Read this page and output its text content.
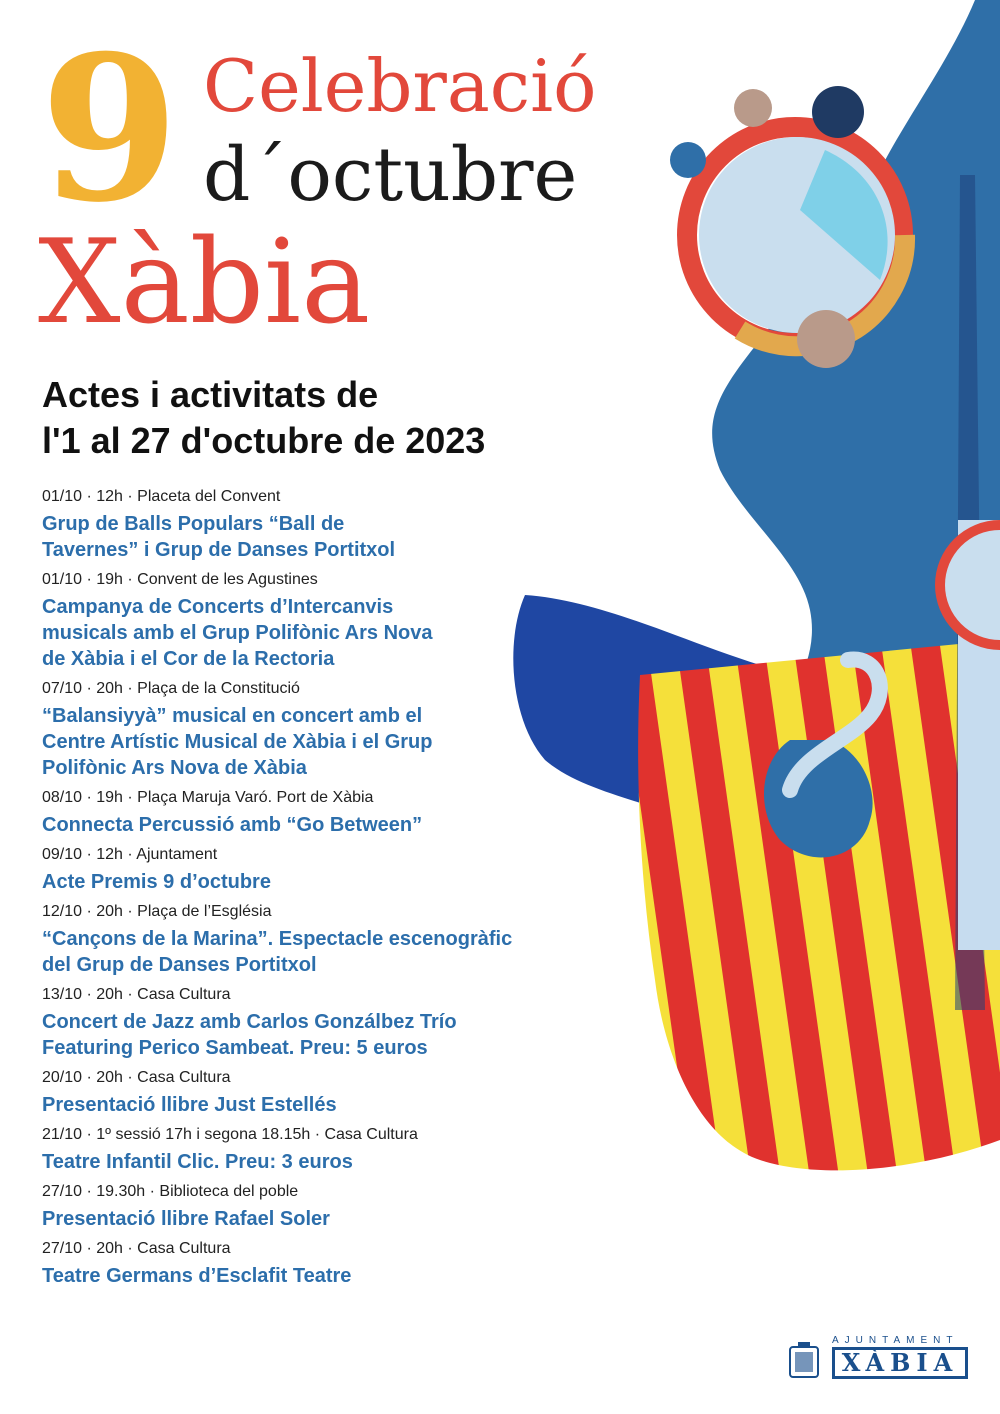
9 Celebració
d´octubre
Xàbia
Actes i activitats de
l'1 al 27 d'octubre de 2023
01/10 · 12h · Placeta del Convent
Grup de Balls Populars “Ball de
Tavernes” i Grup de Danses Portitxol
01/10 · 19h · Convent de les Agustines
Campanya de Concerts d’Intercanvis
musicals amb el Grup Polifònic Ars Nova
de Xàbia i el Cor de la Rectoria
07/10 · 20h · Plaça de la Constitució
“Balansiyyà” musical en concert amb el
Centre Artístic Musical de Xàbia i el Grup
Polifònic Ars Nova de Xàbia
08/10 · 19h · Plaça Maruja Varó. Port de Xàbia
Connecta Percussió amb “Go Between”
09/10 · 12h · Ajuntament
Acte Premis 9 d’octubre
12/10 · 20h · Plaça de l’Església
“Cançons de la Marina”. Espectacle escenogràfic
del Grup de Danses Portitxol
13/10 · 20h · Casa Cultura
Concert de Jazz amb Carlos Gonzálbez Trío
Featuring Perico Sambeat. Preu: 5 euros
20/10 · 20h · Casa Cultura
Presentació llibre Just Estellés
21/10 · 1º sessió 17h i segona 18.15h · Casa Cultura
Teatre Infantil Clic. Preu: 3 euros
27/10 · 19.30h · Biblioteca del poble
Presentació llibre Rafael Soler
27/10 · 20h · Casa Cultura
Teatre Germans d’Esclafit Teatre
AJUNTAMENT
XÀBIA
